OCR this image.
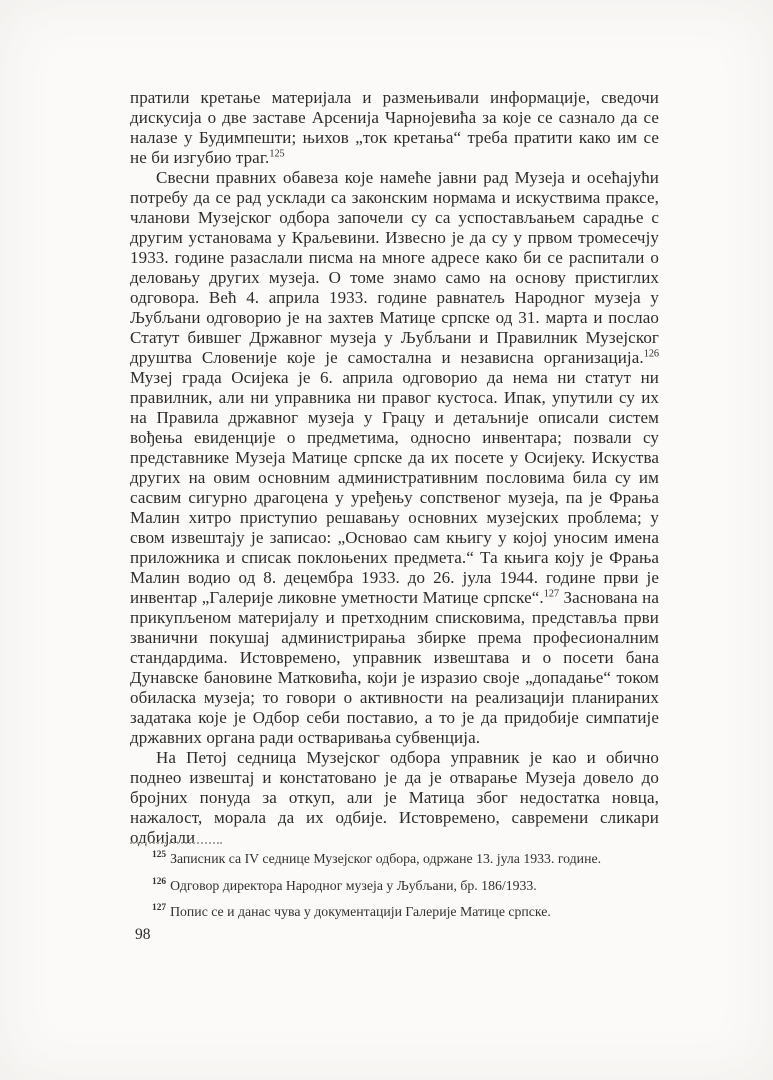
пратили кретање материјала и размењивали информације, сведочи дискусија о две заставе Арсенија Чарнојевића за које се сазнало да се налазе у Будимпешти; њихов „ток кретања“ треба пратити како им се не би изгубио траг.$^{125}$

Свесни правних обавеза које намеће јавни рад Музеја и осећајући потребу да се рад усклади са законским нормама и искуствима праксе, чланови Музејског одбора започели су са успостављањем сарадње с другим установама у Краљевини. Извесно је да су у првом тромесечју 1933. године разаслали писма на многе адресе како би се распитали о деловању других музеја. О томе знамо само на основу пристиглих одговора. Већ 4. априла 1933. године равнатељ Народног музеја у Љубљани одговорио је на захтев Матице српске од 31. марта и послао Статут бившег Државног музеја у Љубљани и Правилник Музејског друштва Словеније које је самостална и независна организација.$^{126}$ Музеј града Осијека је 6. априла одговорио да нема ни статут ни правилник, али ни управника ни правог кустоса. Ипак, упутили су их на Правила државног музеја у Грацу и детаљније описали систем вођења евиденције о предметима, односно инвентара; позвали су представнике Музеја Матице српске да их посете у Осијеку. Искуства других на овим основним административним пословима била су им сасвим сигурно драгоцена у уређењу сопственог музеја, па је Фрања Малин хитро приступио решавању основних музејских проблема; у свом извештају је записао: „Основао сам књигу у којој уносим имена приложника и списак поклоњених предмета.“ Та књига коју је Фрања Малин водио од 8. децембра 1933. до 26. јула 1944. године први је инвентар „Галерије ликовне уметности Матице српске“.$^{127}$ Заснована на прикупљеном материјалу и претходним списковима, представља први званични покушај администрирања збирке према професионалним стандардима. Истовремено, управник извештава и о посети бана Дунавске бановине Матковића, који је изразио своје „допадање“ током обиласка музеја; то говори о активности на реализацији планираних задатака које је Одбор себи поставио, а то је да придобије симпатије државних органа ради остваривања субвенција.

На Петој седница Музејског одбора управник је као и обично поднео извештај и констатовано је да је отварање Музеја довело до бројних понуда за откуп, али је Матица због недостатка новца, нажалост, морала да их одбије. Истовремено, савремени сликари одбијали

$^{125}$ Записник са IV седнице Музејског одбора, одржане 13. јула 1933. године.

$^{126}$ Одговор директора Народног музеја у Љубљани, бр. 186/1933.

$^{127}$ Попис се и данас чува у документацији Галерије Матице српске.

98
